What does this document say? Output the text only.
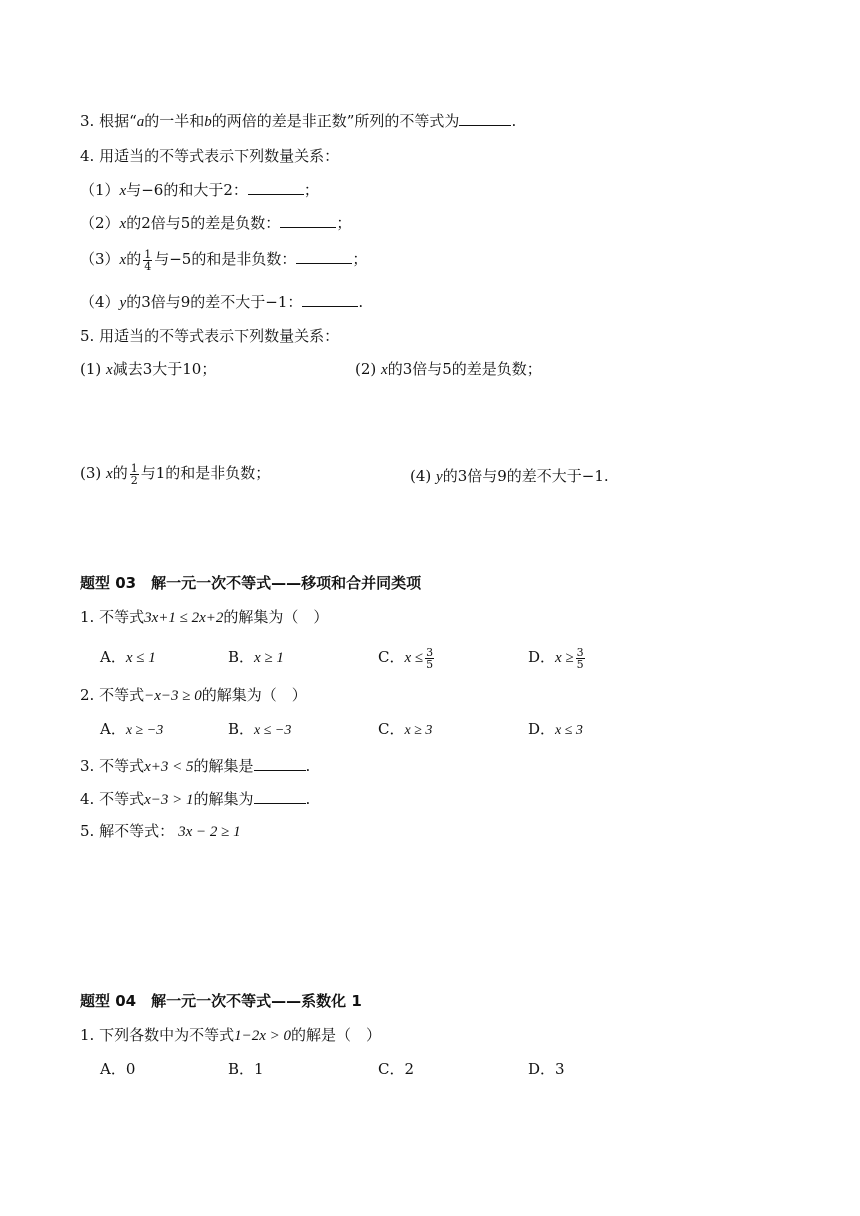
3. 根据“a的一半和b的两倍的差是非正数”所列的不等式为	.
4. 用适当的不等式表示下列数量关系：
（1）x与−6的和大于2：	；
（2）x的2倍与5的差是负数：	；
（3）x的 $\frac{1}{4}$ 与−5的和是非负数：	；
（4）y的3倍与9的差不大于−1：	.
5. 用适当的不等式表示下列数量关系：
(1) x减去3大于10；	(2) x的3倍与5的差是负数；
(3) x的 $\frac{1}{2}$ 与1的和是非负数；	(4) y的3倍与9的差不大于−1.
题型 03　解一元一次不等式——移项和合并同类项
1. 不等式3x+1 ≤ 2x+2的解集为（　）
A．x ≤ 1	B．x ≥ 1	C．$x \le \frac{3}{5}$	D．$x \ge \frac{3}{5}$
2. 不等式−x−3 ≥ 0的解集为（　）
A．x ≥ −3	B．x ≤ −3	C．x ≥ 3	D．x ≤ 3
3. 不等式x+3 < 5的解集是	.
4. 不等式x−3 > 1的解集为	.
5. 解不等式： 3x − 2 ≥ 1
题型 04　解一元一次不等式——系数化 1
1. 下列各数中为不等式1−2x > 0的解是（　）
A．0	B．1	C．2	D．3
